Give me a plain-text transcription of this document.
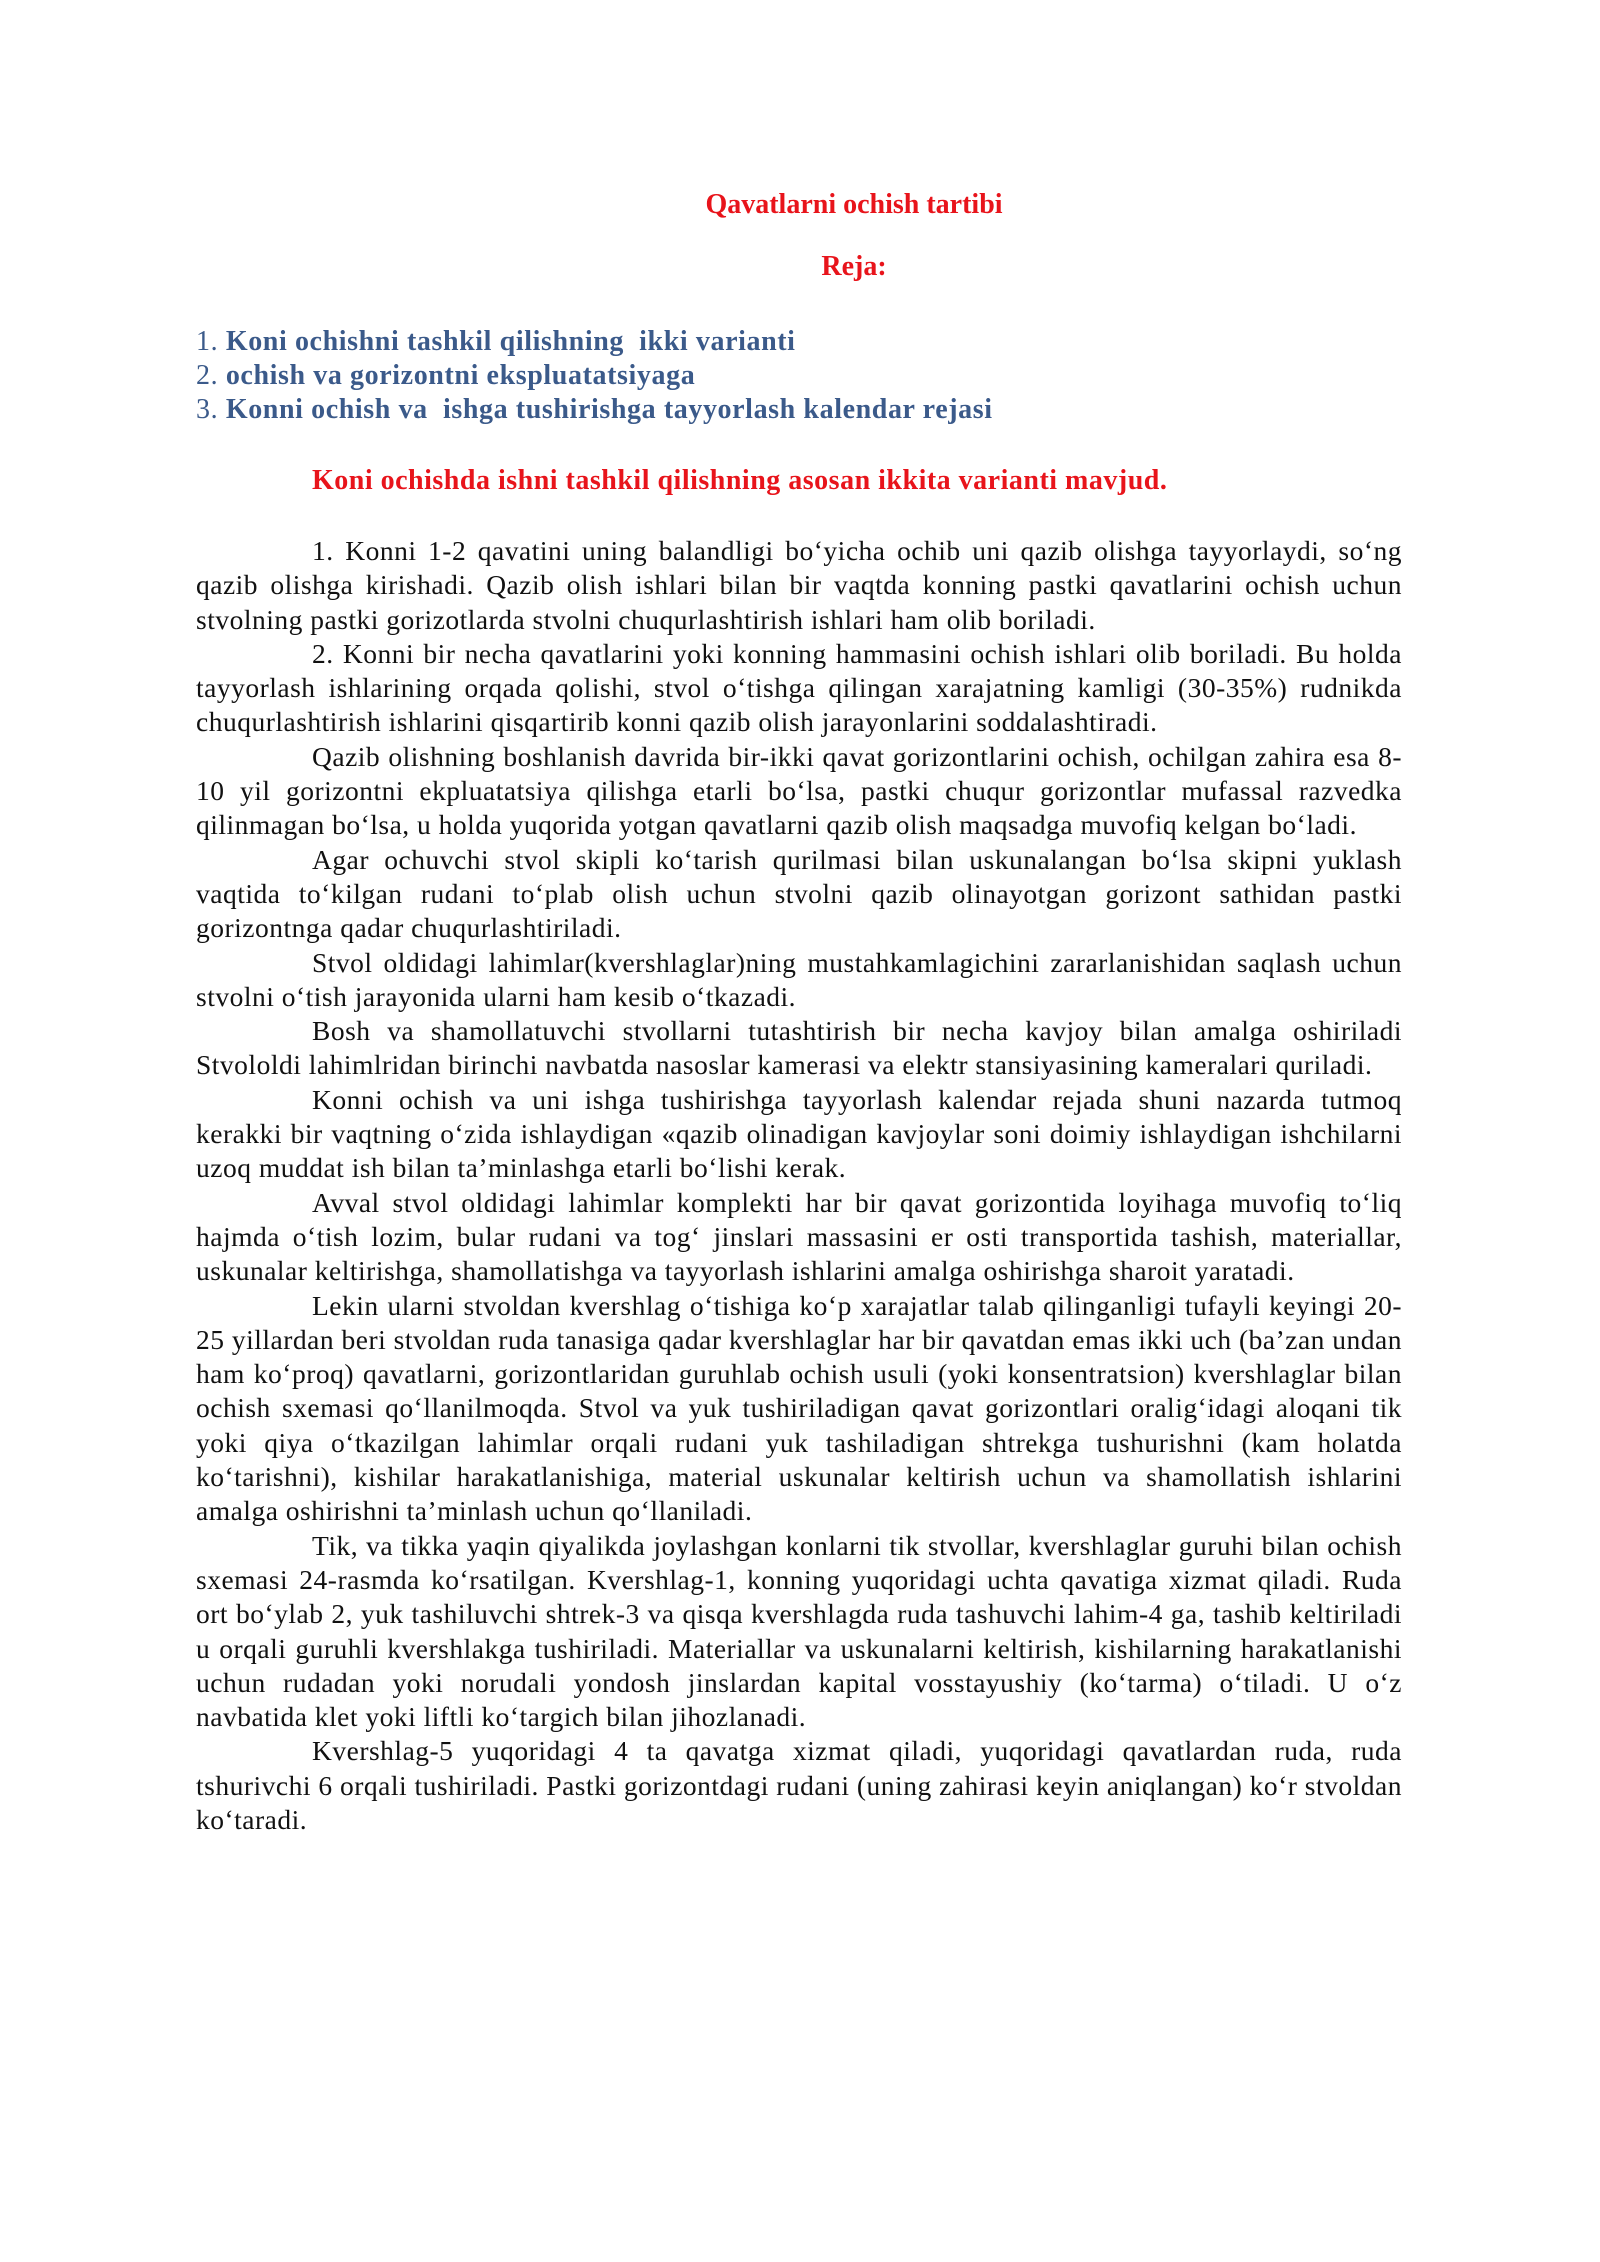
Qavatlarni ochish tartibi
Reja:
1. Koni ochishni tashkil qilishning  ikki varianti
2. ochish va gorizontni ekspluatatsiyaga
3. Konni ochish va  ishga tushirishga tayyorlash kalendar rejasi
Koni ochishda ishni tashkil qilishning asosan ikkita varianti mavjud.

1. Konni 1-2 qavatini uning balandligi bo‘yicha ochib uni qazib olishga tayyorlaydi, so‘ng qazib olishga kirishadi. Qazib olish ishlari bilan bir vaqtda konning pastki qavatlarini ochish uchun stvolning pastki gorizotlarda stvolni chuqurlashtirish ishlari ham olib boriladi.

2. Konni bir necha qavatlarini yoki konning hammasini ochish ishlari olib boriladi. Bu holda tayyorlash ishlarining orqada qolishi, stvol o‘tishga qilingan xarajatning kamligi (30-35%) rudnikda chuqurlashtirish ishlarini qisqartirib konni qazib olish jarayonlarini soddalashtiradi.

Qazib olishning boshlanish davrida bir-ikki qavat gorizontlarini ochish, ochilgan zahira esa 8-10 yil gorizontni ekpluatatsiya qilishga etarli bo‘lsa, pastki chuqur gorizontlar mufassal razvedka qilinmagan bo‘lsa, u holda yuqorida yotgan qavatlarni qazib olish maqsadga muvofiq kelgan bo‘ladi.

Agar ochuvchi stvol skipli ko‘tarish qurilmasi bilan uskunalangan bo‘lsa skipni yuklash vaqtida to‘kilgan rudani to‘plab olish uchun stvolni qazib olinayotgan gorizont sathidan pastki gorizontnga qadar chuqurlashtiriladi.

Stvol oldidagi lahimlar(kvershlaglar)ning mustahkamlagichini zararlanishidan saqlash uchun stvolni o‘tish jarayonida ularni ham kesib o‘tkazadi.

Bosh va shamollatuvchi stvollarni tutashtirish bir necha kavjoy bilan amalga oshiriladi Stvololdi lahimlridan birinchi navbatda nasoslar kamerasi va elektr stansiyasining kameralari quriladi.

Konni ochish va uni ishga tushirishga tayyorlash kalendar rejada shuni nazarda tutmoq kerakki bir vaqtning o‘zida ishlaydigan «qazib olinadigan kavjoylar soni doimiy ishlaydigan ishchilarni uzoq muddat ish bilan ta’minlashga etarli bo‘lishi kerak.

Avval stvol oldidagi lahimlar komplekti har bir qavat gorizontida loyihaga muvofiq to‘liq hajmda o‘tish lozim, bular rudani va tog‘ jinslari massasini er osti transportida tashish, materiallar, uskunalar keltirishga, shamollatishga va tayyorlash ishlarini amalga oshirishga sharoit yaratadi.

Lekin ularni stvoldan kvershlag o‘tishiga ko‘p xarajatlar talab qilinganligi tufayli keyingi 20-25 yillardan beri stvoldan ruda tanasiga qadar kvershlaglar har bir qavatdan emas ikki uch (ba’zan undan ham ko‘proq) qavatlarni, gorizontlaridan guruhlab ochish usuli (yoki konsentratsion) kvershlaglar bilan ochish sxemasi qo‘llanilmoqda. Stvol va yuk tushiriladigan qavat gorizontlari oralig‘idagi aloqani tik yoki qiya o‘tkazilgan lahimlar orqali rudani yuk tashiladigan shtrekga tushurishni (kam holatda ko‘tarishni), kishilar harakatlanishiga, material uskunalar keltirish uchun va shamollatish ishlarini amalga oshirishni ta’minlash uchun qo‘llaniladi.

Tik, va tikka yaqin qiyalikda joylashgan konlarni tik stvollar, kvershlaglar guruhi bilan ochish sxemasi 24-rasmda ko‘rsatilgan. Kvershlag-1, konning yuqoridagi uchta qavatiga xizmat qiladi. Ruda ort bo‘ylab 2, yuk tashiluvchi shtrek-3 va qisqa kvershlagda ruda tashuvchi lahim-4 ga, tashib keltiriladi u orqali guruhli kvershlakga tushiriladi. Materiallar va uskunalarni keltirish, kishilarning harakatlanishi uchun rudadan yoki norudali yondosh jinslardan kapital vosstayushiy (ko‘tarma) o‘tiladi. U o‘z navbatida klet yoki liftli ko‘targich bilan jihozlanadi.

Kvershlag-5 yuqoridagi 4 ta qavatga xizmat qiladi, yuqoridagi qavatlardan ruda, ruda tshurivchi 6 orqali tushiriladi. Pastki gorizontdagi rudani (uning zahirasi keyin aniqlangan) ko‘r stvoldan ko‘taradi.
